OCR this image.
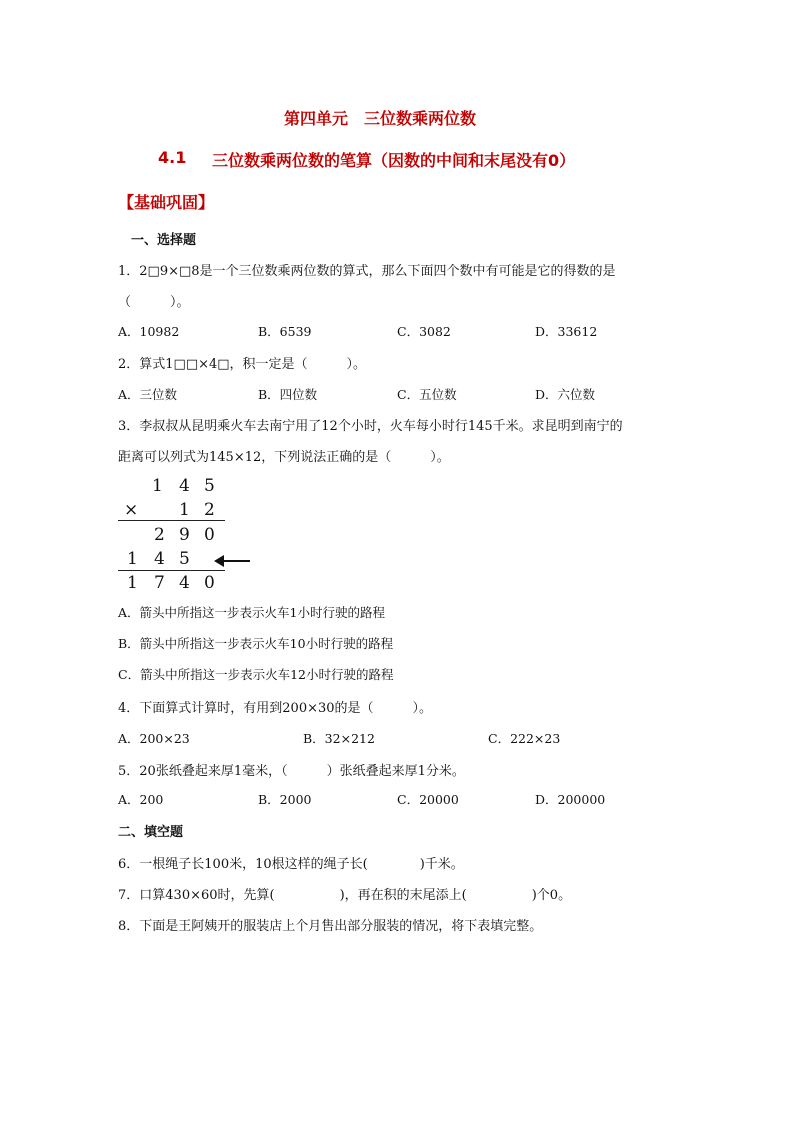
第四单元　三位数乘两位数
4.1 三位数乘两位数的笔算（因数的中间和末尾没有0）
【基础巩固】
一、选择题
1．2□9×□8是一个三位数乘两位数的算式，那么下面四个数中有可能是它的得数的是
（　　　）。
A．10982	B．6539	C．3082	D．33612
2．算式1□□×4□，积一定是（　　　）。
A．三位数	B．四位数	C．五位数	D．六位数
3．李叔叔从昆明乘火车去南宁用了12个小时，火车每小时行145千米。求昆明到南宁的
距离可以列式为145×12，下列说法正确的是（　　　）。
1 4 5
× 1 2
2 9 0
1 4 5
1 7 4 0
A．箭头中所指这一步表示火车1小时行驶的路程
B．箭头中所指这一步表示火车10小时行驶的路程
C．箭头中所指这一步表示火车12小时行驶的路程
4．下面算式计算时，有用到200×30的是（　　　）。
A．200×23	B．32×212	C．222×23
5．20张纸叠起来厚1毫米，（　　　）张纸叠起来厚1分米。
A．200	B．2000	C．20000	D．200000
二、填空题
6．一根绳子长100米，10根这样的绳子长(　　　　)千米。
7．口算430×60时，先算(　　　　　)，再在积的末尾添上(　　　　　)个0。
8．下面是王阿姨开的服装店上个月售出部分服装的情况，将下表填完整。
